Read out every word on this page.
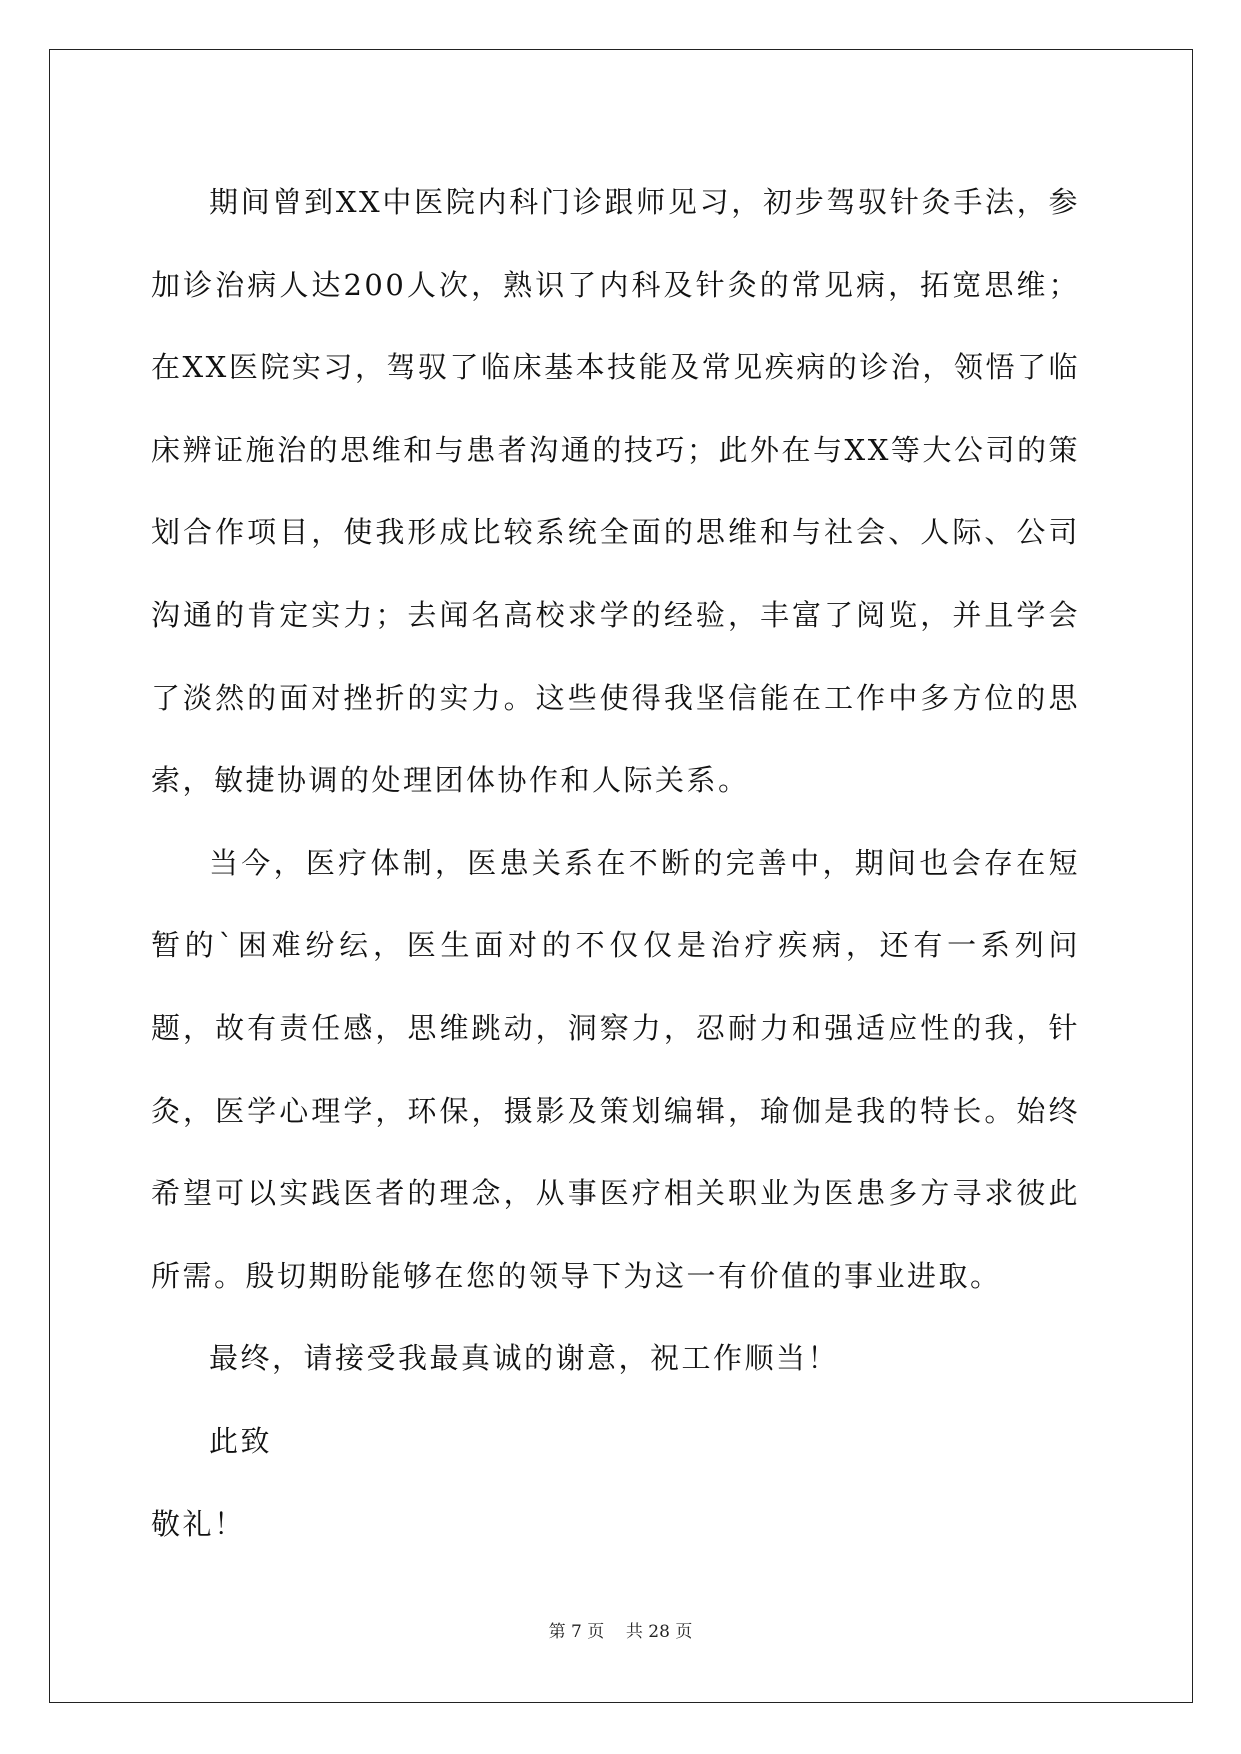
期间曾到XX中医院内科门诊跟师见习，初步驾驭针灸手法，参加诊治病人达200人次，熟识了内科及针灸的常见病，拓宽思维；在XX医院实习，驾驭了临床基本技能及常见疾病的诊治，领悟了临床辨证施治的思维和与患者沟通的技巧；此外在与XX等大公司的策划合作项目，使我形成比较系统全面的思维和与社会、人际、公司沟通的肯定实力；去闻名高校求学的经验，丰富了阅览，并且学会了淡然的面对挫折的实力。这些使得我坚信能在工作中多方位的思索，敏捷协调的处理团体协作和人际关系。

当今，医疗体制，医患关系在不断的完善中，期间也会存在短暂的`困难纷纭，医生面对的不仅仅是治疗疾病，还有一系列问题，故有责任感，思维跳动，洞察力，忍耐力和强适应性的我，针灸，医学心理学，环保，摄影及策划编辑，瑜伽是我的特长。始终希望可以实践医者的理念，从事医疗相关职业为医患多方寻求彼此所需。殷切期盼能够在您的领导下为这一有价值的事业进取。

最终，请接受我最真诚的谢意，祝工作顺当！

此致

敬礼！

第 7 页    共 28 页
